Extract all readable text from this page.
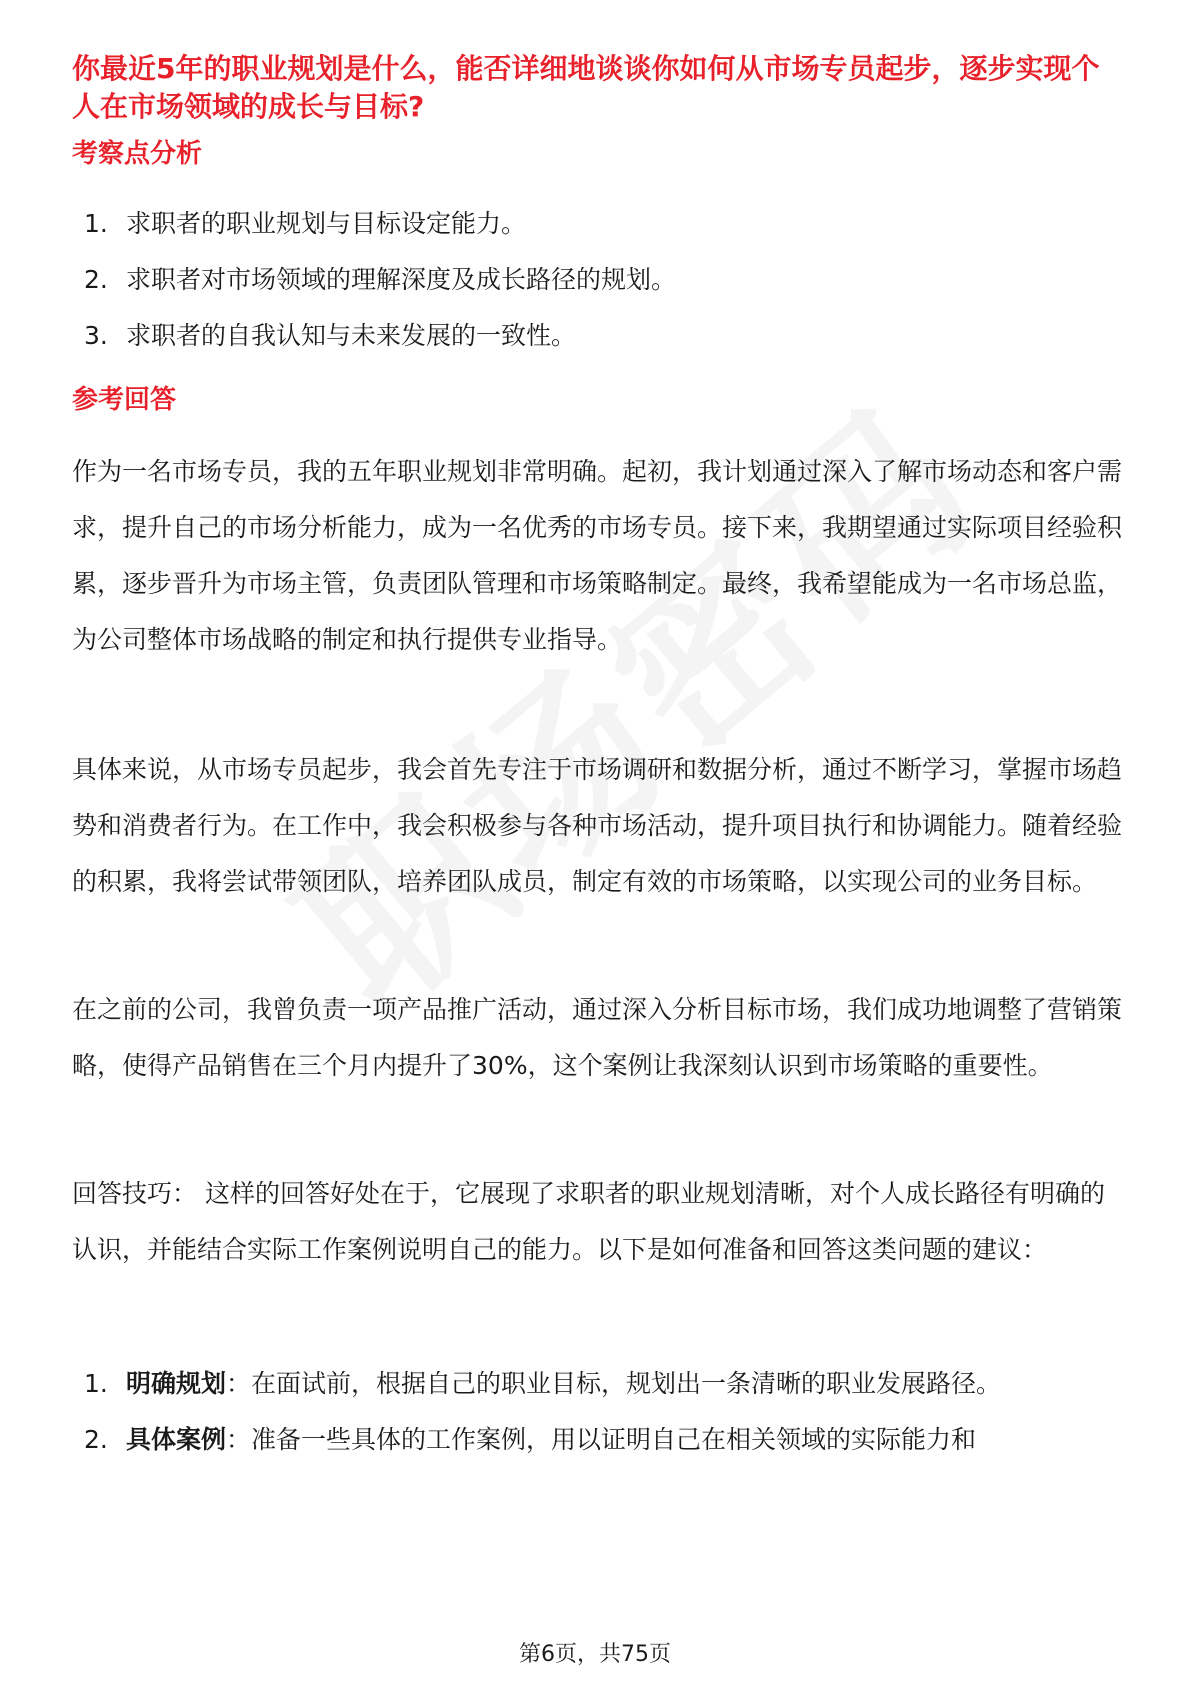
你最近5年的职业规划是什么，能否详细地谈谈你如何从市场专员起步，逐步实现个人在市场领域的成长与目标?
考察点分析
1. 求职者的职业规划与目标设定能力。
2. 求职者对市场领域的理解深度及成长路径的规划。
3. 求职者的自我认知与未来发展的一致性。
参考回答

作为一名市场专员，我的五年职业规划非常明确。起初，我计划通过深入了解市场动态和客户需求，提升自己的市场分析能力，成为一名优秀的市场专员。接下来，我期望通过实际项目经验积累，逐步晋升为市场主管，负责团队管理和市场策略制定。最终，我希望能成为一名市场总监，为公司整体市场战略的制定和执行提供专业指导。

具体来说，从市场专员起步，我会首先专注于市场调研和数据分析，通过不断学习，掌握市场趋势和消费者行为。在工作中，我会积极参与各种市场活动，提升项目执行和协调能力。随着经验的积累，我将尝试带领团队，培养团队成员，制定有效的市场策略，以实现公司的业务目标。

在之前的公司，我曾负责一项产品推广活动，通过深入分析目标市场，我们成功地调整了营销策略，使得产品销售在三个月内提升了30%，这个案例让我深刻认识到市场策略的重要性。

回答技巧： 这样的回答好处在于，它展现了求职者的职业规划清晰，对个人成长路径有明确的认识，并能结合实际工作案例说明自己的能力。以下是如何准备和回答这类问题的建议：

1. 明确规划：在面试前，根据自己的职业目标，规划出一条清晰的职业发展路径。
2. 具体案例：准备一些具体的工作案例，用以证明自己在相关领域的实际能力和
第6页，共75页
